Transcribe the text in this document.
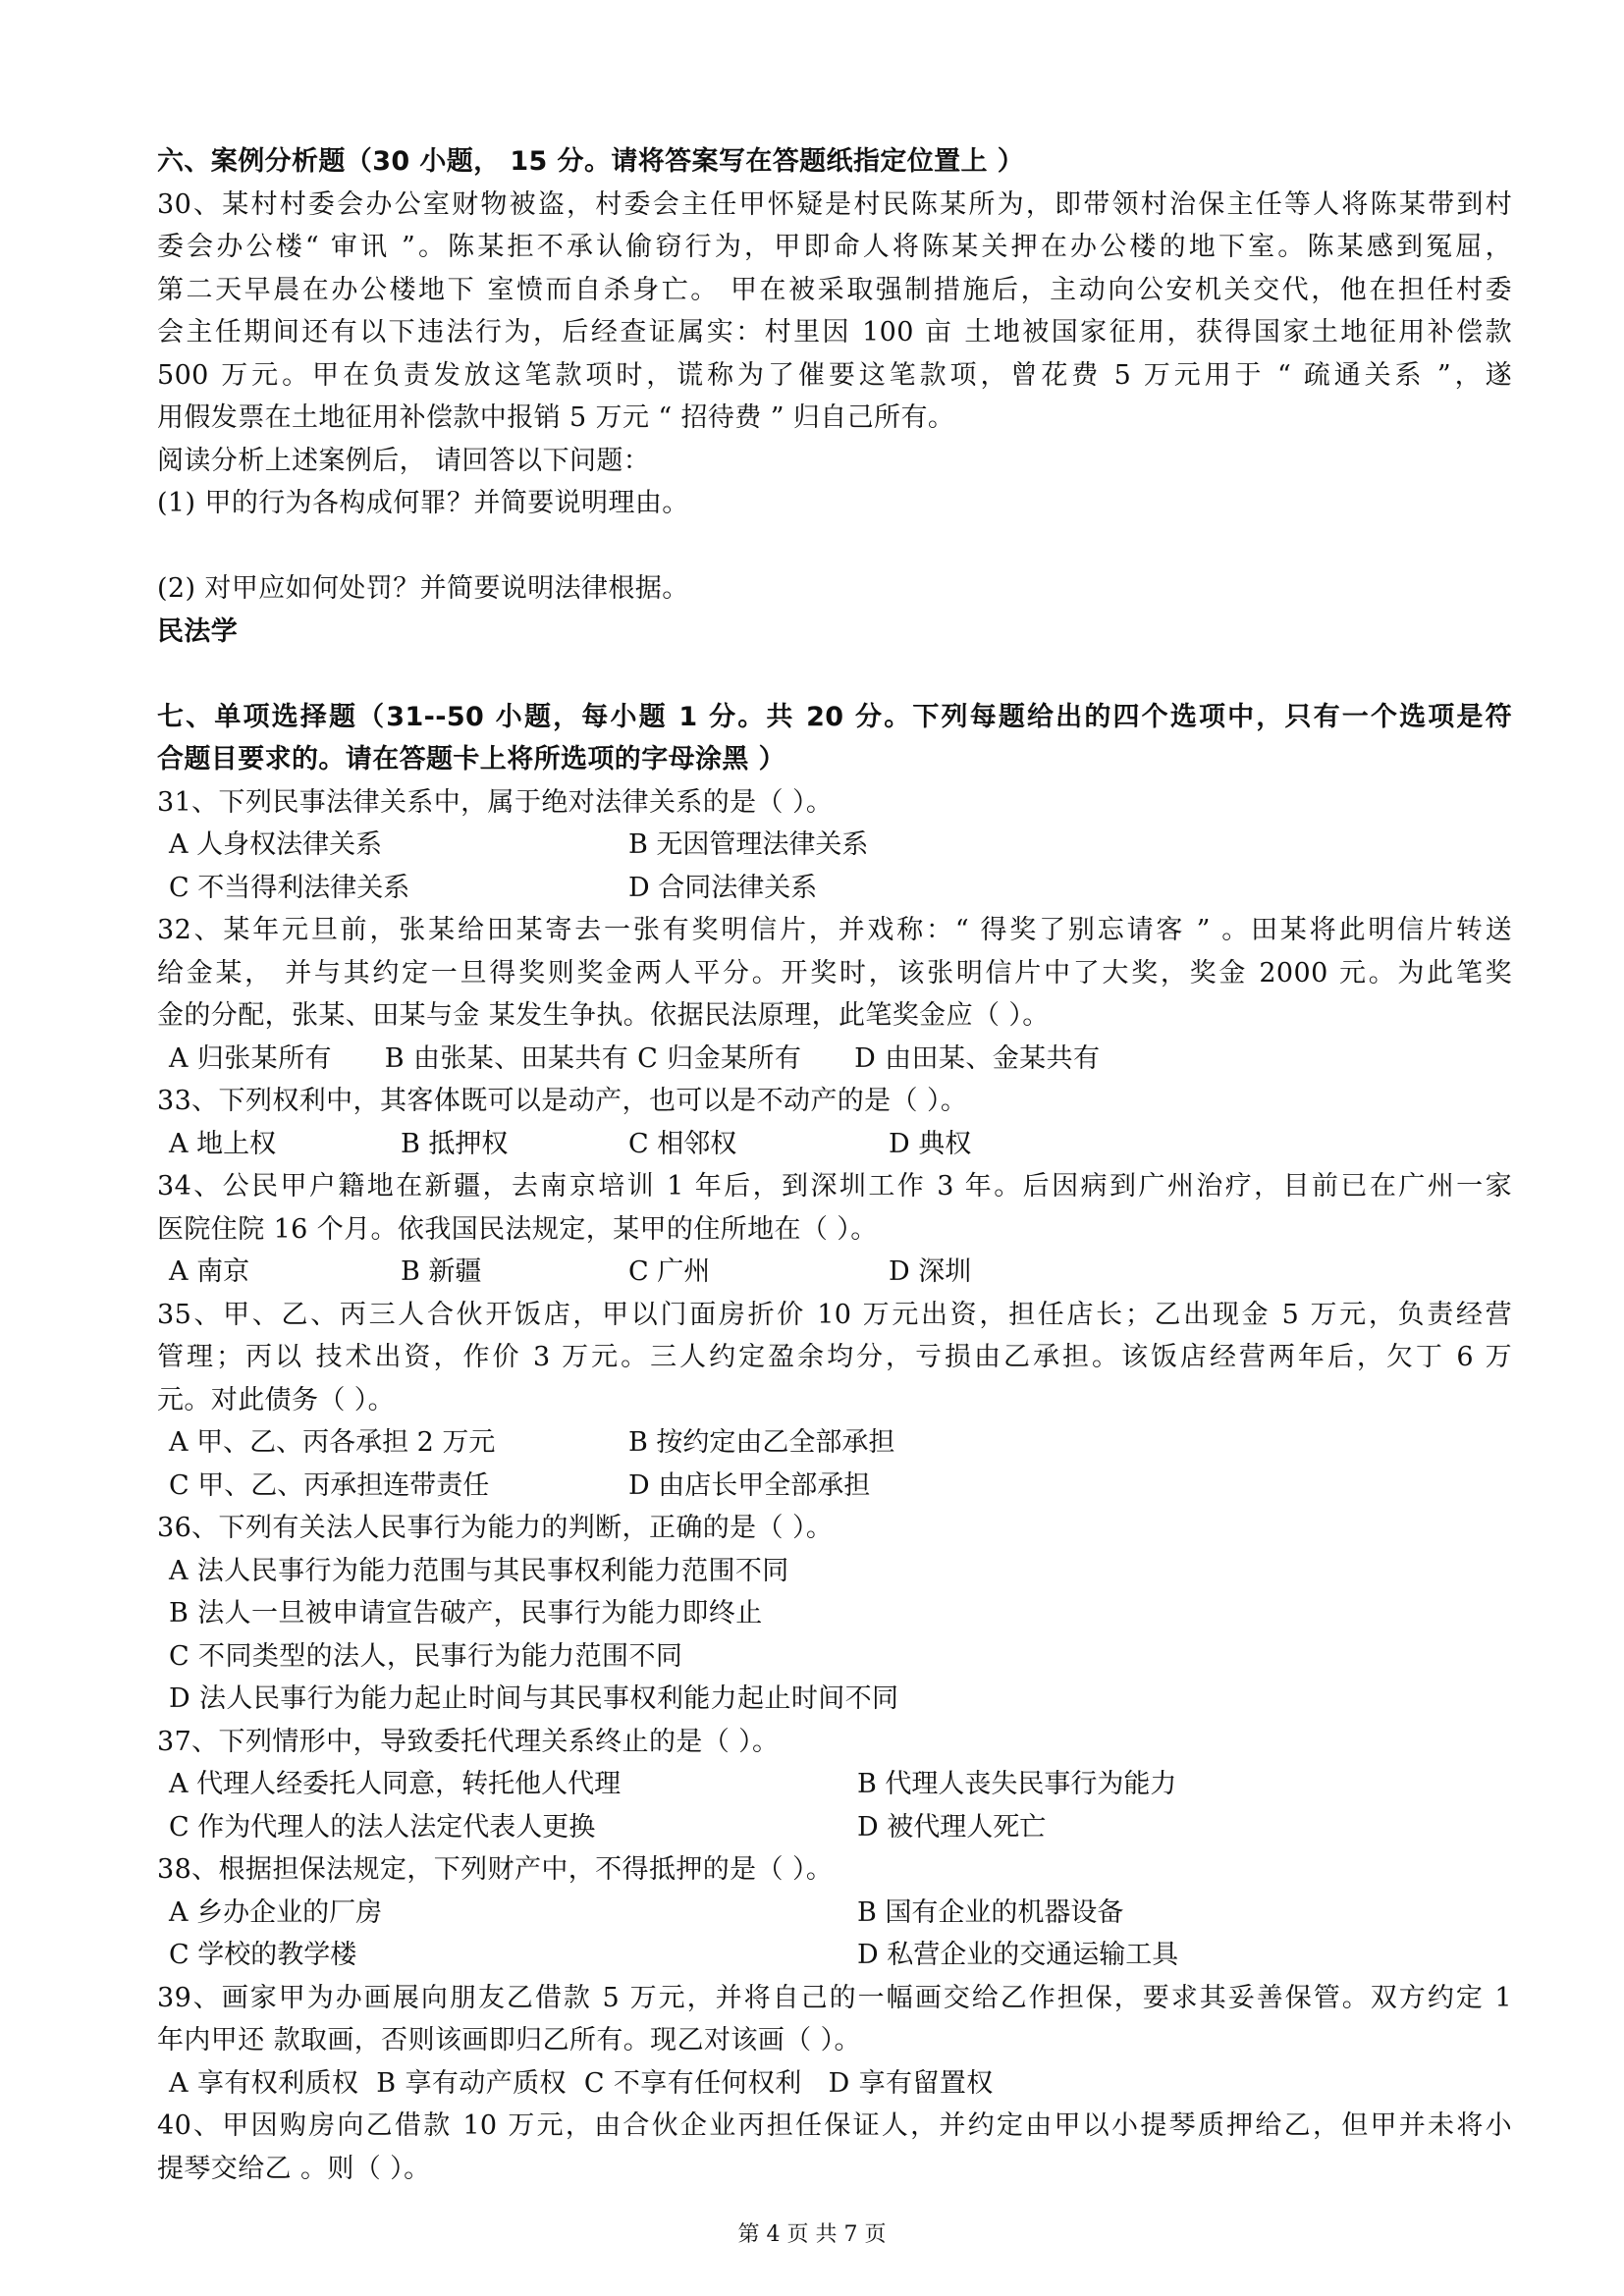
六、案例分析题（30 小题， 15 分。请将答案写在答题纸指定位置上 ）
30、某村村委会办公室财物被盗，村委会主任甲怀疑是村民陈某所为，即带领村治保主任等人将陈某带到村
委会办公楼“ 审讯 ”。陈某拒不承认偷窃行为，甲即命人将陈某关押在办公楼的地下室。陈某感到冤屈，
第二天早晨在办公楼地下 室愤而自杀身亡。 甲在被采取强制措施后，主动向公安机关交代，他在担任村委
会主任期间还有以下违法行为，后经查证属实：村里因 100 亩 土地被国家征用，获得国家土地征用补偿款
500 万元。甲在负责发放这笔款项时，谎称为了催要这笔款项，曾花费 5 万元用于 “ 疏通关系 ”，遂
用假发票在土地征用补偿款中报销 5 万元 “ 招待费 ” 归自己所有。
阅读分析上述案例后， 请回答以下问题：
(1) 甲的行为各构成何罪？并简要说明理由。
(2) 对甲应如何处罚？并简要说明法律根据。
民法学
七、单项选择题（31--50 小题，每小题 1 分。共 20 分。下列每题给出的四个选项中，只有一个选项是符
合题目要求的。请在答题卡上将所选项的字母涂黑 ）
31、下列民事法律关系中，属于绝对法律关系的是（ ）。
A 人身权法律关系	B 无因管理法律关系
C 不当得利法律关系	D 合同法律关系
32、某年元旦前，张某给田某寄去一张有奖明信片，并戏称：“ 得奖了别忘请客 ” 。田某将此明信片转送
给金某， 并与其约定一旦得奖则奖金两人平分。开奖时，该张明信片中了大奖，奖金 2000 元。为此笔奖
金的分配，张某、田某与金 某发生争执。依据民法原理，此笔奖金应（ ）。
A 归张某所有      B 由张某、田某共有 C 归金某所有      D 由田某、金某共有
33、下列权利中，其客体既可以是动产，也可以是不动产的是（ ）。
A 地上权	B 抵押权	C 相邻权	D 典权
34、公民甲户籍地在新疆，去南京培训 1 年后，到深圳工作 3 年。后因病到广州治疗，目前已在广州一家
医院住院 16 个月。依我国民法规定，某甲的住所地在（ ）。
A 南京	B 新疆	C 广州	D 深圳
35、甲、乙、丙三人合伙开饭店，甲以门面房折价 10 万元出资，担任店长；乙出现金 5 万元，负责经营
管理；丙以 技术出资，作价 3 万元。三人约定盈余均分，亏损由乙承担。该饭店经营两年后，欠丁 6 万
元。对此债务（ ）。
A 甲、乙、丙各承担 2 万元	B 按约定由乙全部承担
C 甲、乙、丙承担连带责任	D 由店长甲全部承担
36、下列有关法人民事行为能力的判断，正确的是（ ）。
A 法人民事行为能力范围与其民事权利能力范围不同
B 法人一旦被申请宣告破产，民事行为能力即终止
C 不同类型的法人，民事行为能力范围不同
D 法人民事行为能力起止时间与其民事权利能力起止时间不同
37、下列情形中，导致委托代理关系终止的是（ ）。
A 代理人经委托人同意，转托他人代理	B 代理人丧失民事行为能力
C 作为代理人的法人法定代表人更换	D 被代理人死亡
38、根据担保法规定，下列财产中，不得抵押的是（ ）。
A 乡办企业的厂房	B 国有企业的机器设备
C 学校的教学楼	D 私营企业的交通运输工具
39、画家甲为办画展向朋友乙借款 5 万元，并将自己的一幅画交给乙作担保，要求其妥善保管。双方约定 1
年内甲还 款取画，否则该画即归乙所有。现乙对该画（ ）。
A 享有权利质权  B 享有动产质权  C 不享有任何权利   D 享有留置权
40、甲因购房向乙借款 10 万元，由合伙企业丙担任保证人，并约定由甲以小提琴质押给乙，但甲并未将小
提琴交给乙 。则（ ）。
第 4 页 共 7 页
